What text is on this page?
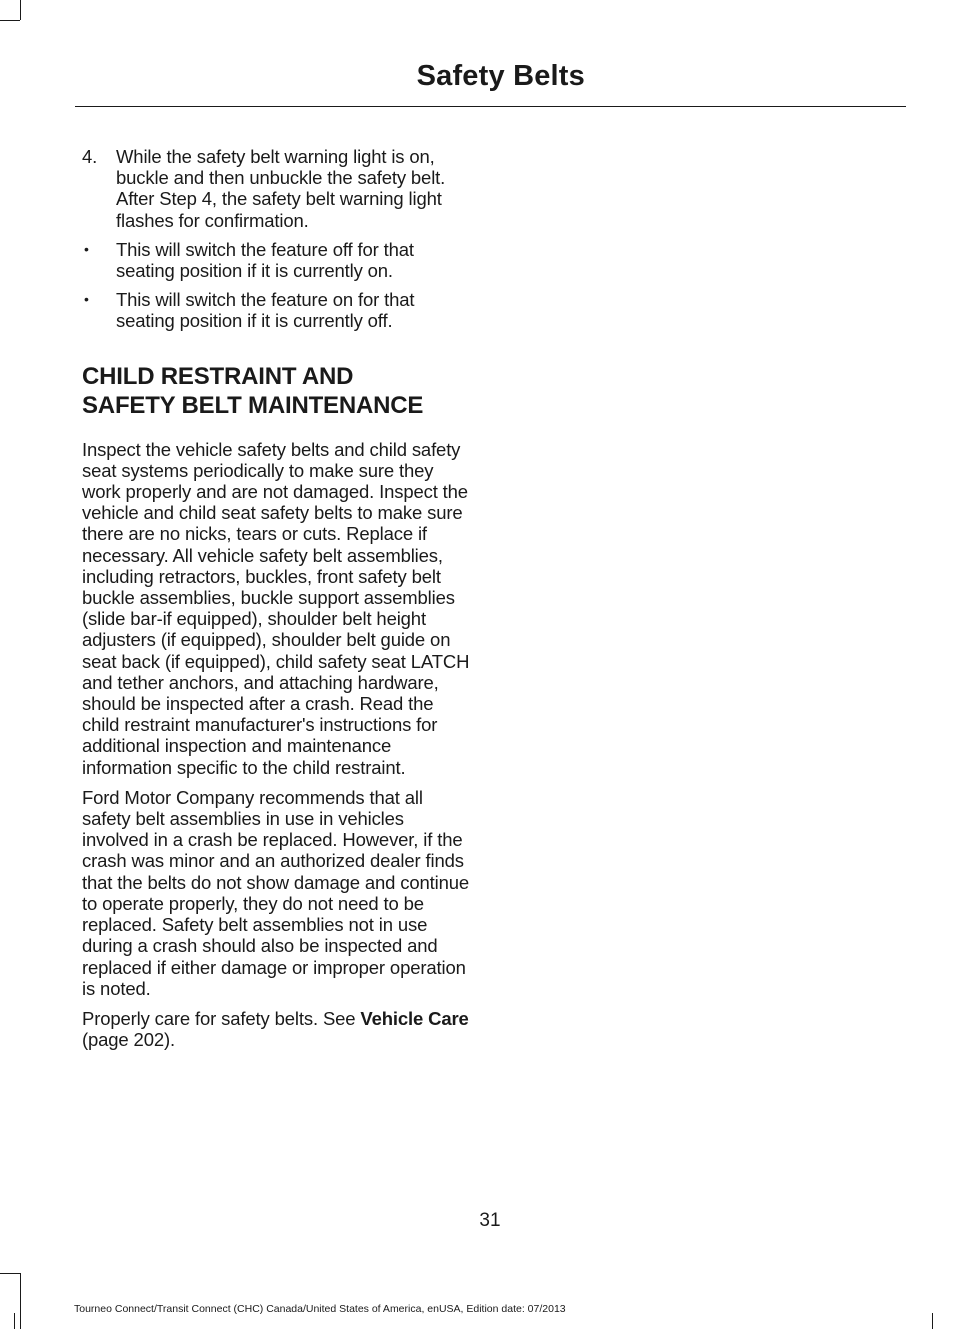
Safety Belts
4.	While the safety belt warning light is on, buckle and then unbuckle the safety belt. After Step 4, the safety belt warning light flashes for confirmation.
•	This will switch the feature off for that seating position if it is currently on.
•	This will switch the feature on for that seating position if it is currently off.
CHILD RESTRAINT AND
SAFETY BELT MAINTENANCE

Inspect the vehicle safety belts and child safety seat systems periodically to make sure they work properly and are not damaged. Inspect the vehicle and child seat safety belts to make sure there are no nicks, tears or cuts. Replace if necessary. All vehicle safety belt assemblies, including retractors, buckles, front safety belt buckle assemblies, buckle support assemblies (slide bar-if equipped), shoulder belt height adjusters (if equipped), shoulder belt guide on seat back (if equipped), child safety seat LATCH and tether anchors, and attaching hardware, should be inspected after a crash. Read the child restraint manufacturer's instructions for additional inspection and maintenance information specific to the child restraint.

Ford Motor Company recommends that all safety belt assemblies in use in vehicles involved in a crash be replaced. However, if the crash was minor and an authorized dealer finds that the belts do not show damage and continue to operate properly, they do not need to be replaced. Safety belt assemblies not in use during a crash should also be inspected and replaced if either damage or improper operation is noted.

Properly care for safety belts. See Vehicle Care (page 202).

31
Tourneo Connect/Transit Connect (CHC) Canada/United States of America, enUSA, Edition date: 07/2013
